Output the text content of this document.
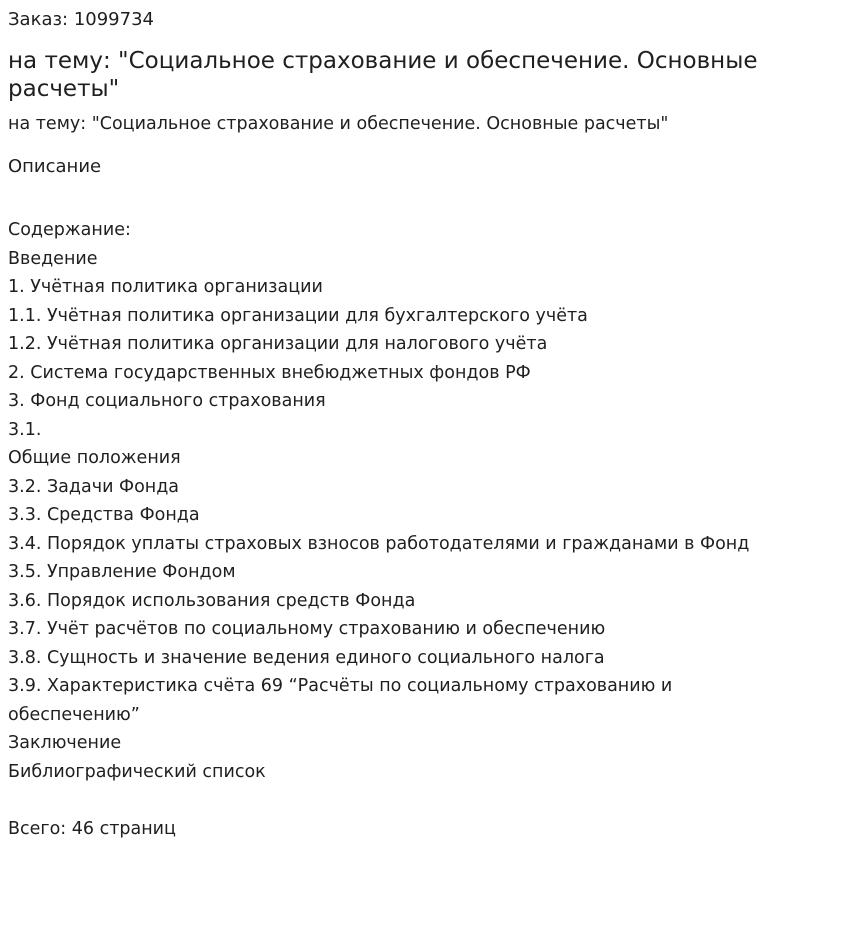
Заказ: 1099734

на тему: "Социальное страхование и обеспечение. Основные расчеты"
на тему: "Социальное страхование и обеспечение. Основные расчеты"
Описание
Содержание:
Введение
1. Учётная политика организации
1.1. Учётная политика организации для бухгалтерского учёта
1.2. Учётная политика организации для налогового учёта
2. Система государственных внебюджетных фондов РФ
3. Фонд социального страхования
3.1.
Общие положения
3.2. Задачи Фонда
3.3. Средства Фонда
3.4. Порядок уплаты страховых взносов работодателями и гражданами в Фонд
3.5. Управление Фондом
3.6. Порядок использования средств Фонда
3.7. Учёт расчётов по социальному страхованию и обеспечению
3.8. Сущность и значение ведения единого социального налога
3.9. Характеристика счёта 69 “Расчёты по социальному страхованию и обеспечению”
Заключение
Библиографический список
Всего: 46 страниц
